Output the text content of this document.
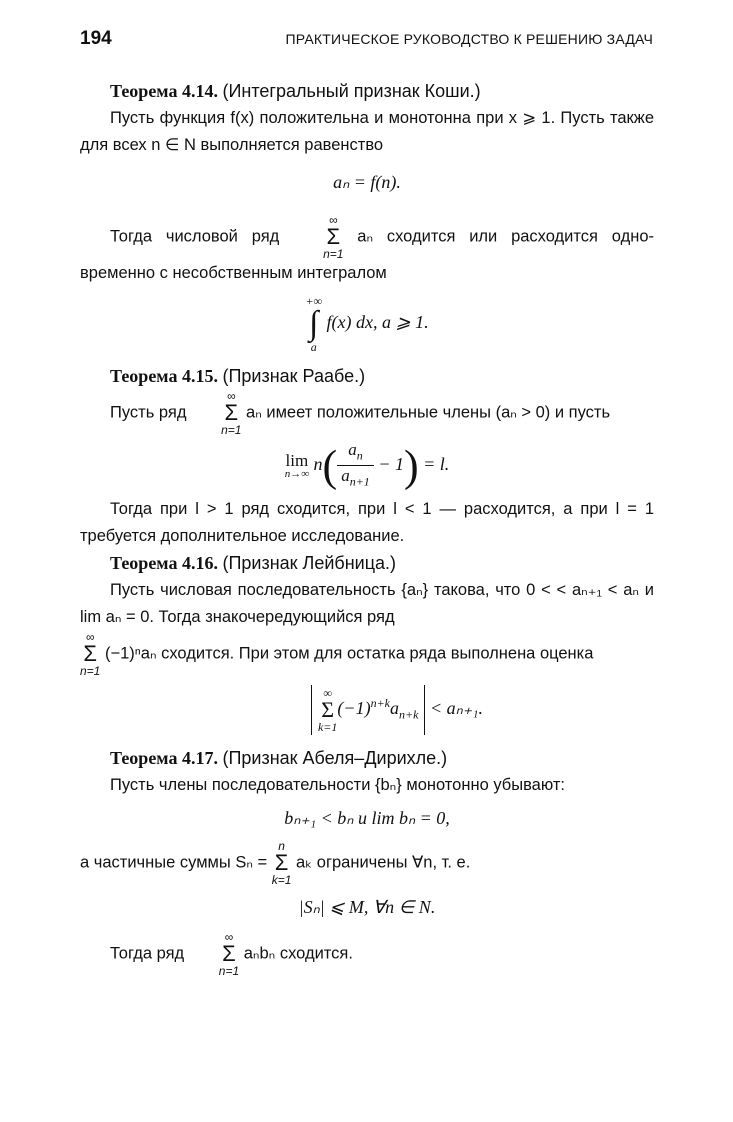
194	ПРАКТИЧЕСКОЕ РУКОВОДСТВО К РЕШЕНИЮ ЗАДАЧ

Теорема 4.14. (Интегральный признак Коши.)

Пусть функция f(x) положительна и монотонна при x ⩾ 1. Пусть также для всех n ∈ N выполняется равенство

aₙ = f(n).

Тогда числовой ряд
∞
Σ
n=1
aₙ сходится или расходится одно-временно с несобственным интегралом

+∞
∫
a
f(x) dx, a ⩾ 1.

Теорема 4.15. (Признак Раабе.)

Пусть ряд
∞
Σ
n=1
aₙ имеет положительные члены (aₙ > 0) и пусть

lim
n→∞ $n( \frac{a_n}{a_{n+1}} - 1) = l$.

Тогда при l > 1 ряд сходится, при l < 1 — расходится, а при l = 1 требуется дополнительное исследование.

Теорема 4.16. (Признак Лейбница.)

Пусть числовая последовательность {aₙ} такова, что 0 < < aₙ₊₁ < aₙ и lim aₙ = 0. Тогда знакочередующийся ряд

∞
Σ
n=1
(−1)ⁿaₙ сходится. При этом для остатка ряда выполнена оценка

∞
Σ
k=1
$(-1)^{n+k}a_{n+k} < a_{n+1}$.

Теорема 4.17. (Признак Абеля–Дирихле.)

Пусть члены последовательности {bₙ} монотонно убывают:

bₙ₊₁ < bₙ и lim bₙ = 0,

а частичные суммы Sₙ =
n
Σ
k=1
aₖ ограничены ∀n, т. е.

|Sₙ| ⩽ M, ∀n ∈ N.

Тогда ряд
∞
Σ
n=1
aₙbₙ сходится.
